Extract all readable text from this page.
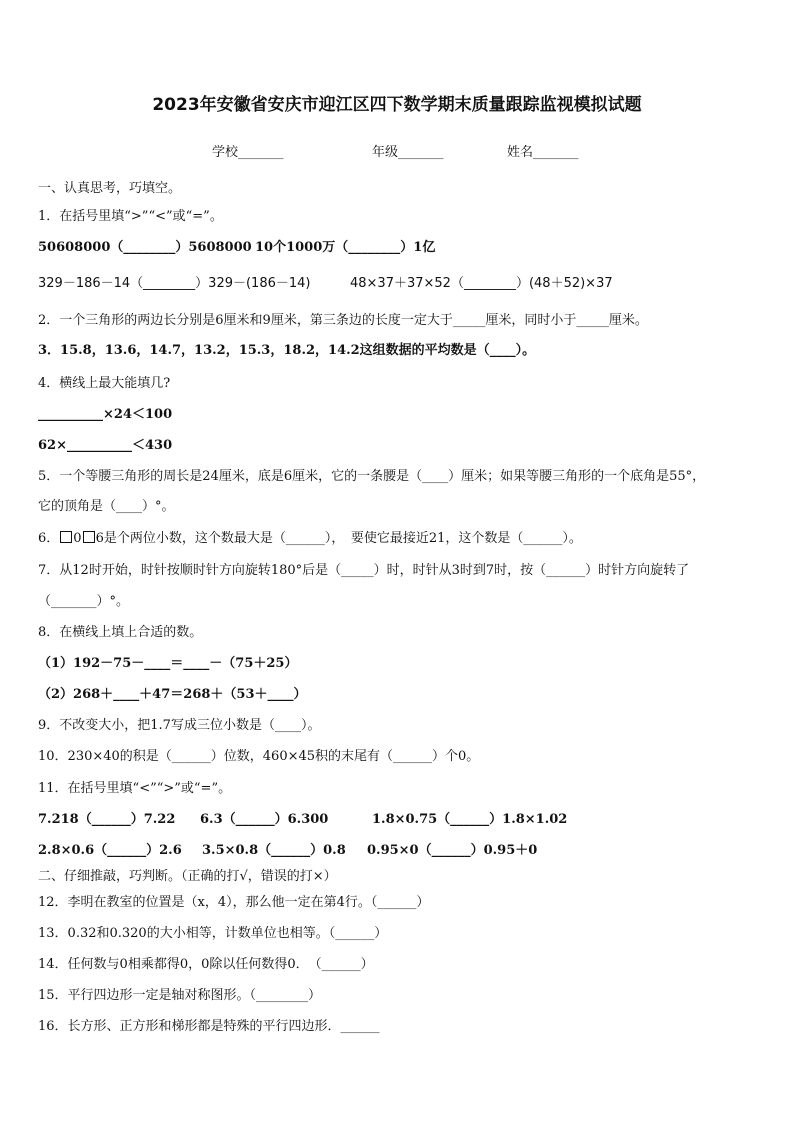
2023年安徽省安庆市迎江区四下数学期末质量跟踪监视模拟试题
学校_______	年级_______	姓名_______
一、认真思考，巧填空。
1．在括号里填“>”“<”或“=”。
50608000（________）5608000 10个1000万（________）1亿
329－186－14（________）329－(186－14)	48×37＋37×52（________）(48＋52)×37
2．一个三角形的两边长分别是6厘米和9厘米，第三条边的长度一定大于_____厘米，同时小于_____厘米。
3．15.8，13.6，14.7，13.2，15.3，18.2，14.2这组数据的平均数是（____）。
4．横线上最大能填几?
__________×24＜100
62×__________＜430
5．一个等腰三角形的周长是24厘米，底是6厘米，它的一条腰是（____）厘米；如果等腰三角形的一个底角是55°，
它的顶角是（____）°。
6． 0 6是个两位小数，这个数最大是（______），　要使它最接近21，这个数是（______）。
7．从12时开始，时针按顺时针方向旋转180°后是（_____）时，时针从3时到7时，按（______）时针方向旋转了
（_______）°。
8．在横线上填上合适的数。
（1）192－75－____＝____－（75＋25）
（2）268＋____＋47＝268＋（53＋____）
9．不改变大小，把1.7写成三位小数是（____）。
10．230×40的积是（______）位数，460×45积的末尾有（______）个0。
11．在括号里填“<”“>”或“=”。
7.218（______）7.22 6.3（______）6.300	1.8×0.75（______）1.8×1.02
2.8×0.6（______）2.6 3.5×0.8（______）0.8 0.95×0（______）0.95＋0
二、仔细推敲，巧判断。（正确的打√，错误的打×）
12．李明在教室的位置是（x，4），那么他一定在第4行。（______）
13．0.32和0.320的大小相等，计数单位也相等。（______）
14．任何数与0相乘都得0，0除以任何数得0．　（______）
15．平行四边形一定是轴对称图形。（________）
16．长方形、正方形和梯形都是特殊的平行四边形．______
